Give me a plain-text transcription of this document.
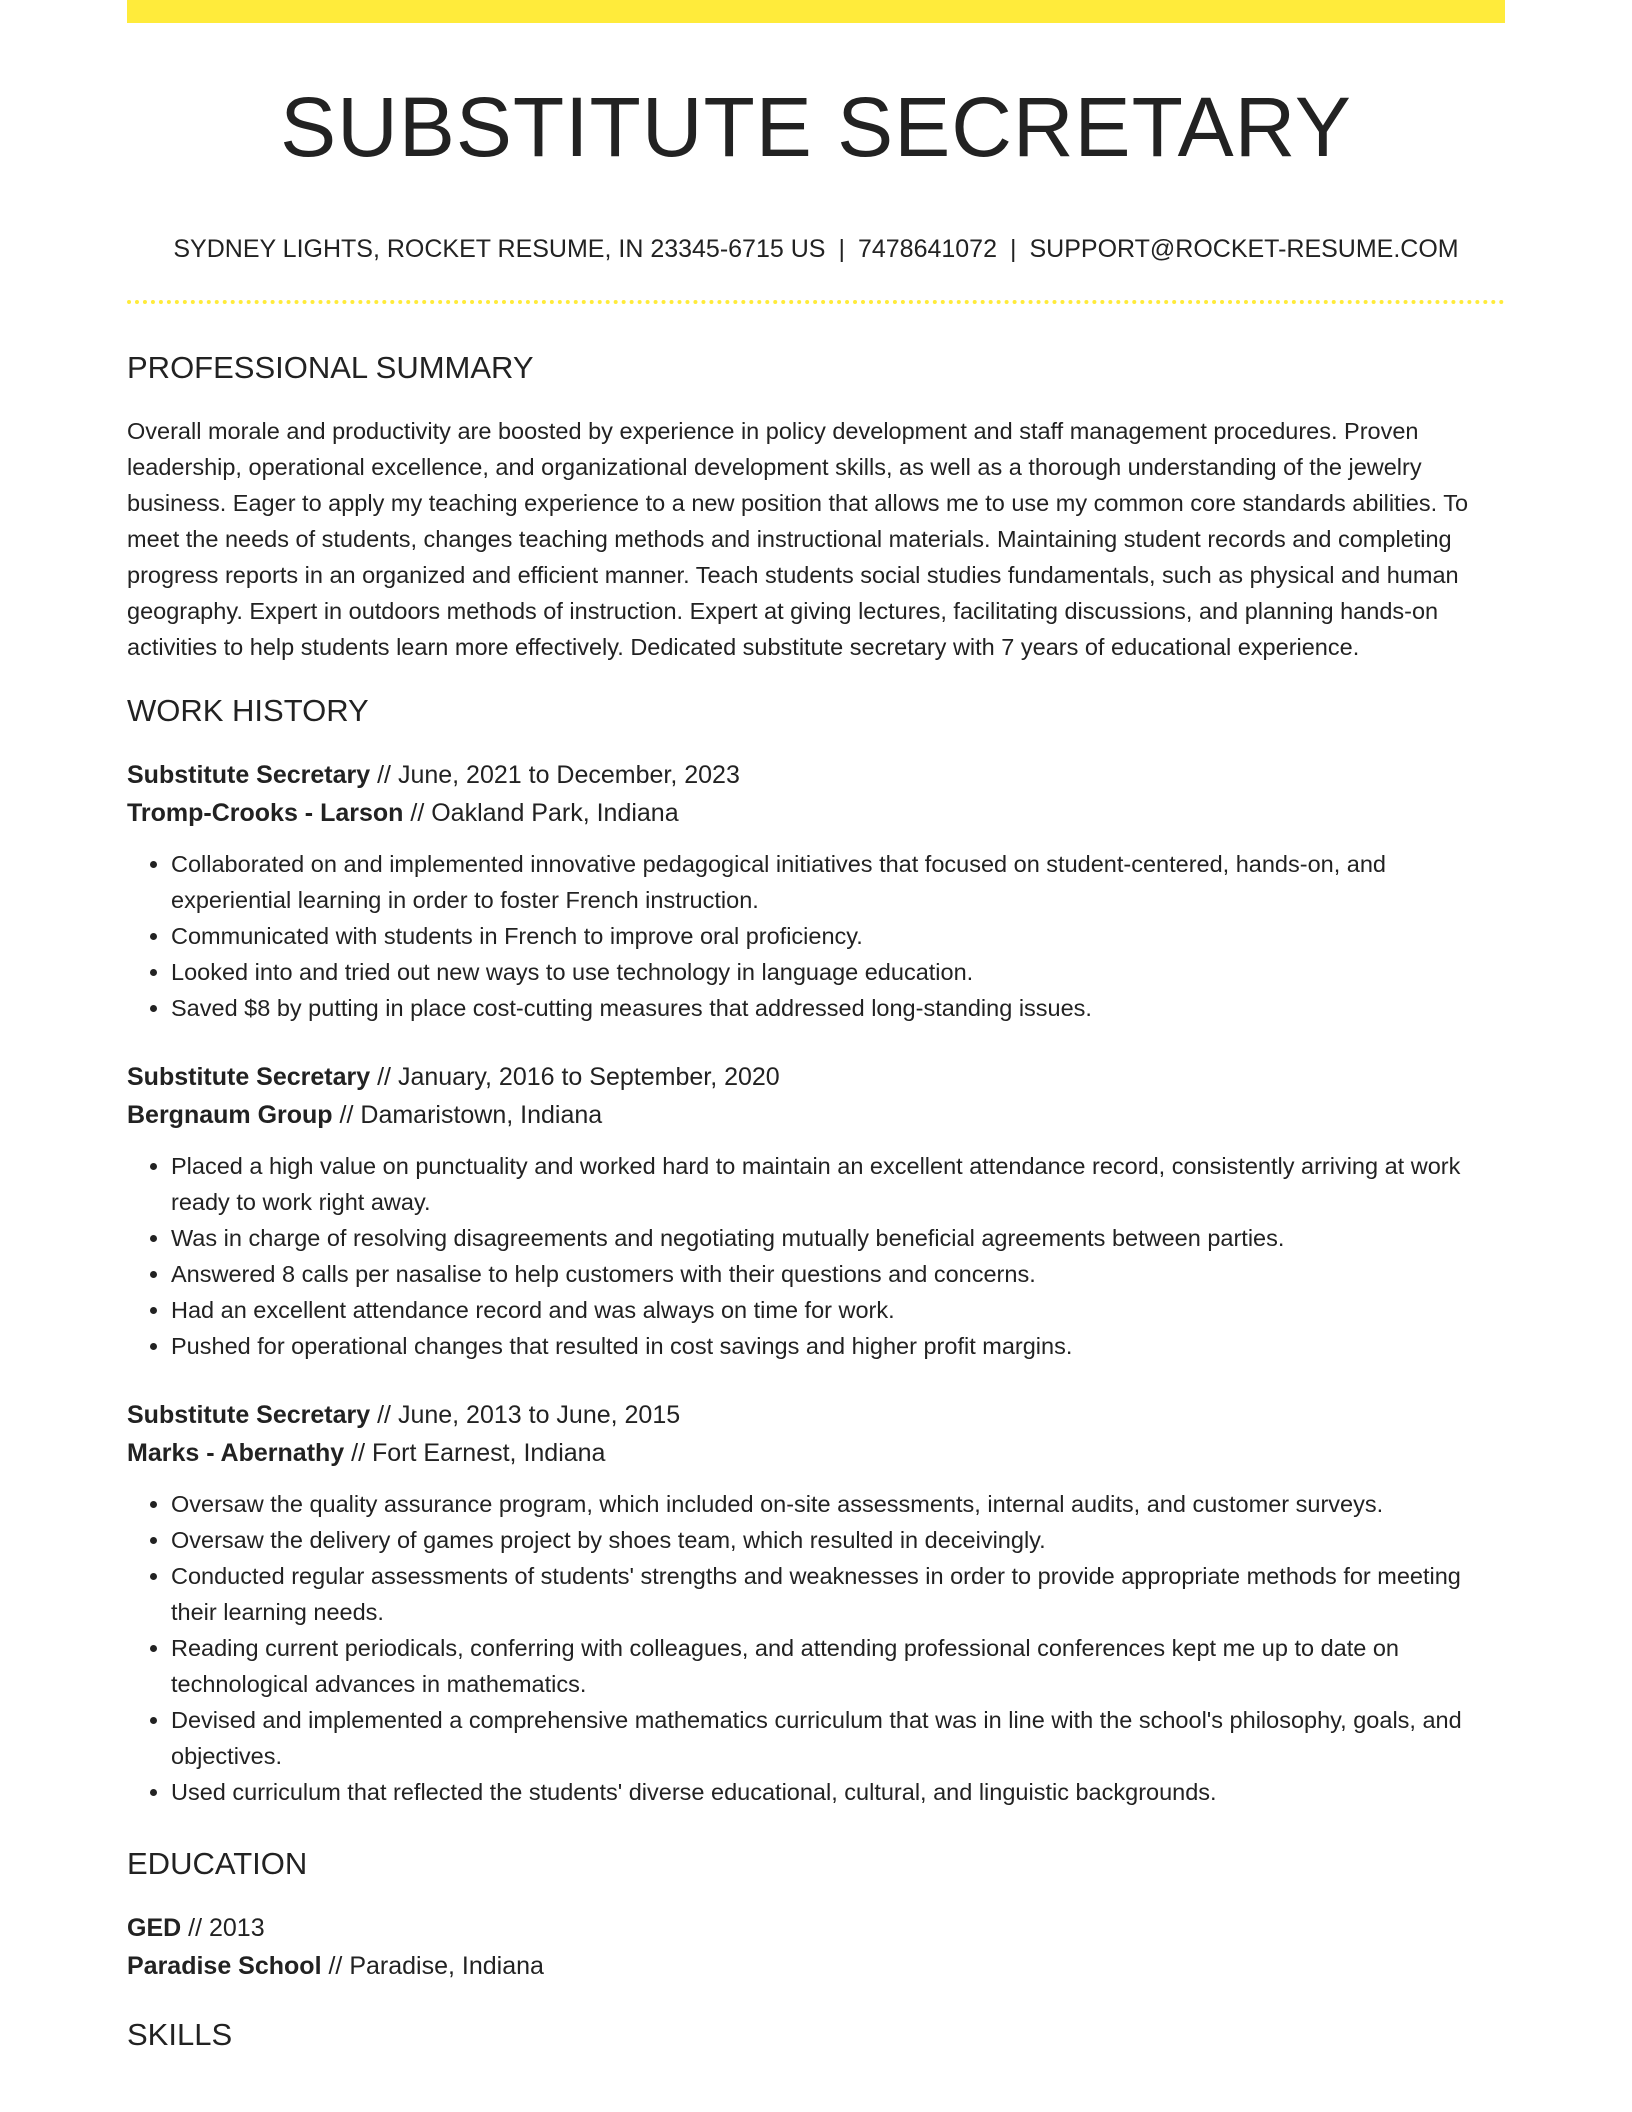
SUBSTITUTE SECRETARY
SYDNEY LIGHTS, ROCKET RESUME, IN 23345-6715 US | 7478641072 | SUPPORT@ROCKET-RESUME.COM
PROFESSIONAL SUMMARY

Overall morale and productivity are boosted by experience in policy development and staff management procedures. Proven leadership, operational excellence, and organizational development skills, as well as a thorough understanding of the jewelry business. Eager to apply my teaching experience to a new position that allows me to use my common core standards abilities. To meet the needs of students, changes teaching methods and instructional materials. Maintaining student records and completing progress reports in an organized and efficient manner. Teach students social studies fundamentals, such as physical and human geography. Expert in outdoors methods of instruction. Expert at giving lectures, facilitating discussions, and planning hands-on activities to help students learn more effectively. Dedicated substitute secretary with 7 years of educational experience.

WORK HISTORY
Substitute Secretary // June, 2021 to December, 2023
Tromp-Crooks - Larson // Oakland Park, Indiana
• Collaborated on and implemented innovative pedagogical initiatives that focused on student-centered, hands-on, and experiential learning in order to foster French instruction.
• Communicated with students in French to improve oral proficiency.
• Looked into and tried out new ways to use technology in language education.
• Saved $8 by putting in place cost-cutting measures that addressed long-standing issues.
Substitute Secretary // January, 2016 to September, 2020
Bergnaum Group // Damaristown, Indiana
• Placed a high value on punctuality and worked hard to maintain an excellent attendance record, consistently arriving at work ready to work right away.
• Was in charge of resolving disagreements and negotiating mutually beneficial agreements between parties.
• Answered 8 calls per nasalise to help customers with their questions and concerns.
• Had an excellent attendance record and was always on time for work.
• Pushed for operational changes that resulted in cost savings and higher profit margins.
Substitute Secretary // June, 2013 to June, 2015
Marks - Abernathy // Fort Earnest, Indiana
• Oversaw the quality assurance program, which included on-site assessments, internal audits, and customer surveys.
• Oversaw the delivery of games project by shoes team, which resulted in deceivingly.
• Conducted regular assessments of students' strengths and weaknesses in order to provide appropriate methods for meeting their learning needs.
• Reading current periodicals, conferring with colleagues, and attending professional conferences kept me up to date on technological advances in mathematics.
• Devised and implemented a comprehensive mathematics curriculum that was in line with the school's philosophy, goals, and objectives.
• Used curriculum that reflected the students' diverse educational, cultural, and linguistic backgrounds.
EDUCATION
GED // 2013
Paradise School // Paradise, Indiana
SKILLS
